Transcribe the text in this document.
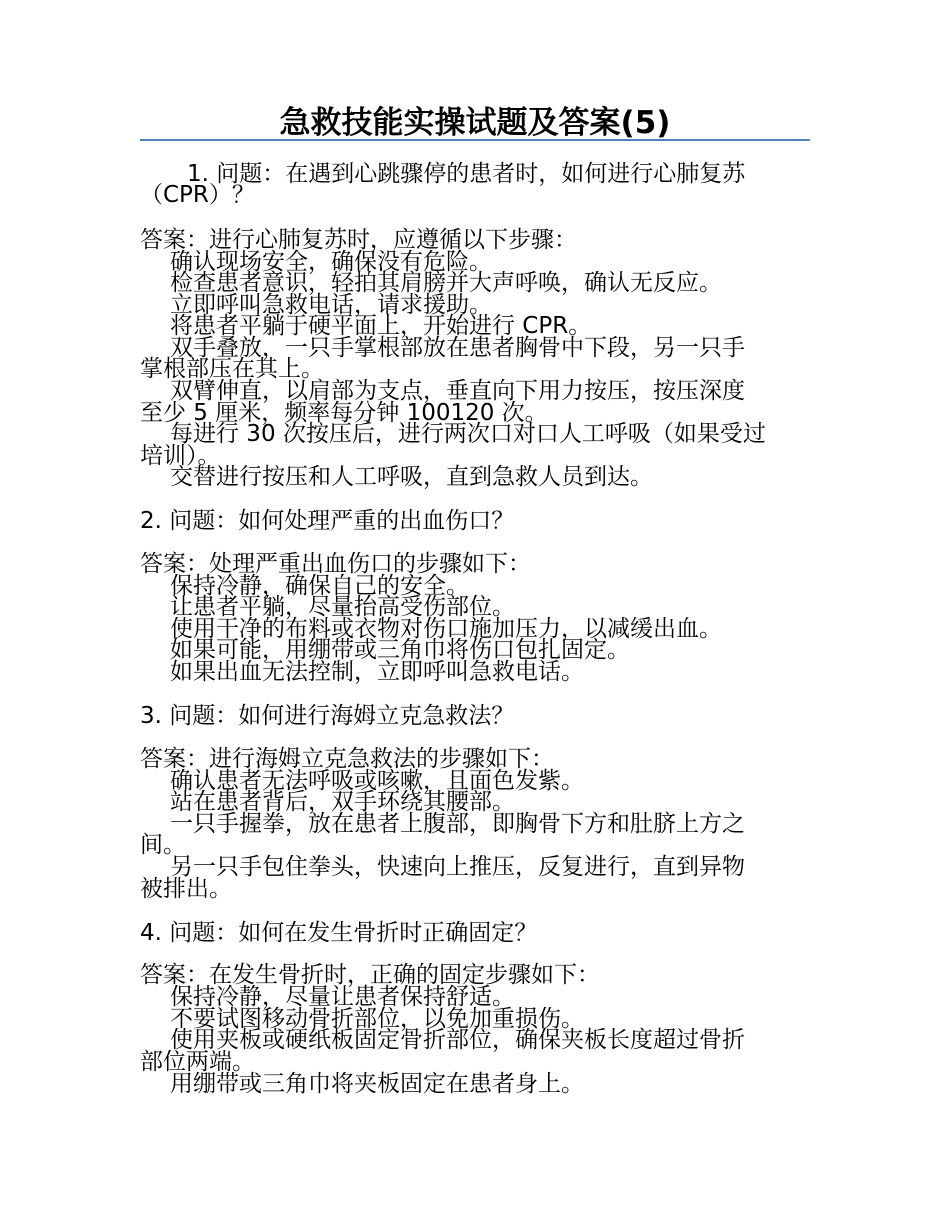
急救技能实操试题及答案(5)
1. 问题：在遇到心跳骤停的患者时，如何进行心肺复苏
（CPR）？
答案：进行心肺复苏时，应遵循以下步骤：
确认现场安全，确保没有危险。
检查患者意识，轻拍其肩膀并大声呼唤，确认无反应。
立即呼叫急救电话，请求援助。
将患者平躺于硬平面上，开始进行 CPR。
双手叠放，一只手掌根部放在患者胸骨中下段，另一只手
掌根部压在其上。
双臂伸直，以肩部为支点，垂直向下用力按压，按压深度
至少 5 厘米，频率每分钟 100120 次。
每进行 30 次按压后，进行两次口对口人工呼吸（如果受过
培训）。
交替进行按压和人工呼吸，直到急救人员到达。
2. 问题：如何处理严重的出血伤口？
答案：处理严重出血伤口的步骤如下：
保持冷静，确保自己的安全。
让患者平躺，尽量抬高受伤部位。
使用干净的布料或衣物对伤口施加压力，以减缓出血。
如果可能，用绷带或三角巾将伤口包扎固定。
如果出血无法控制，立即呼叫急救电话。
3. 问题：如何进行海姆立克急救法？
答案：进行海姆立克急救法的步骤如下：
确认患者无法呼吸或咳嗽，且面色发紫。
站在患者背后，双手环绕其腰部。
一只手握拳，放在患者上腹部，即胸骨下方和肚脐上方之
间。
另一只手包住拳头，快速向上推压，反复进行，直到异物
被排出。
4. 问题：如何在发生骨折时正确固定？
答案：在发生骨折时，正确的固定步骤如下：
保持冷静，尽量让患者保持舒适。
不要试图移动骨折部位，以免加重损伤。
使用夹板或硬纸板固定骨折部位，确保夹板长度超过骨折
部位两端。
用绷带或三角巾将夹板固定在患者身上。
